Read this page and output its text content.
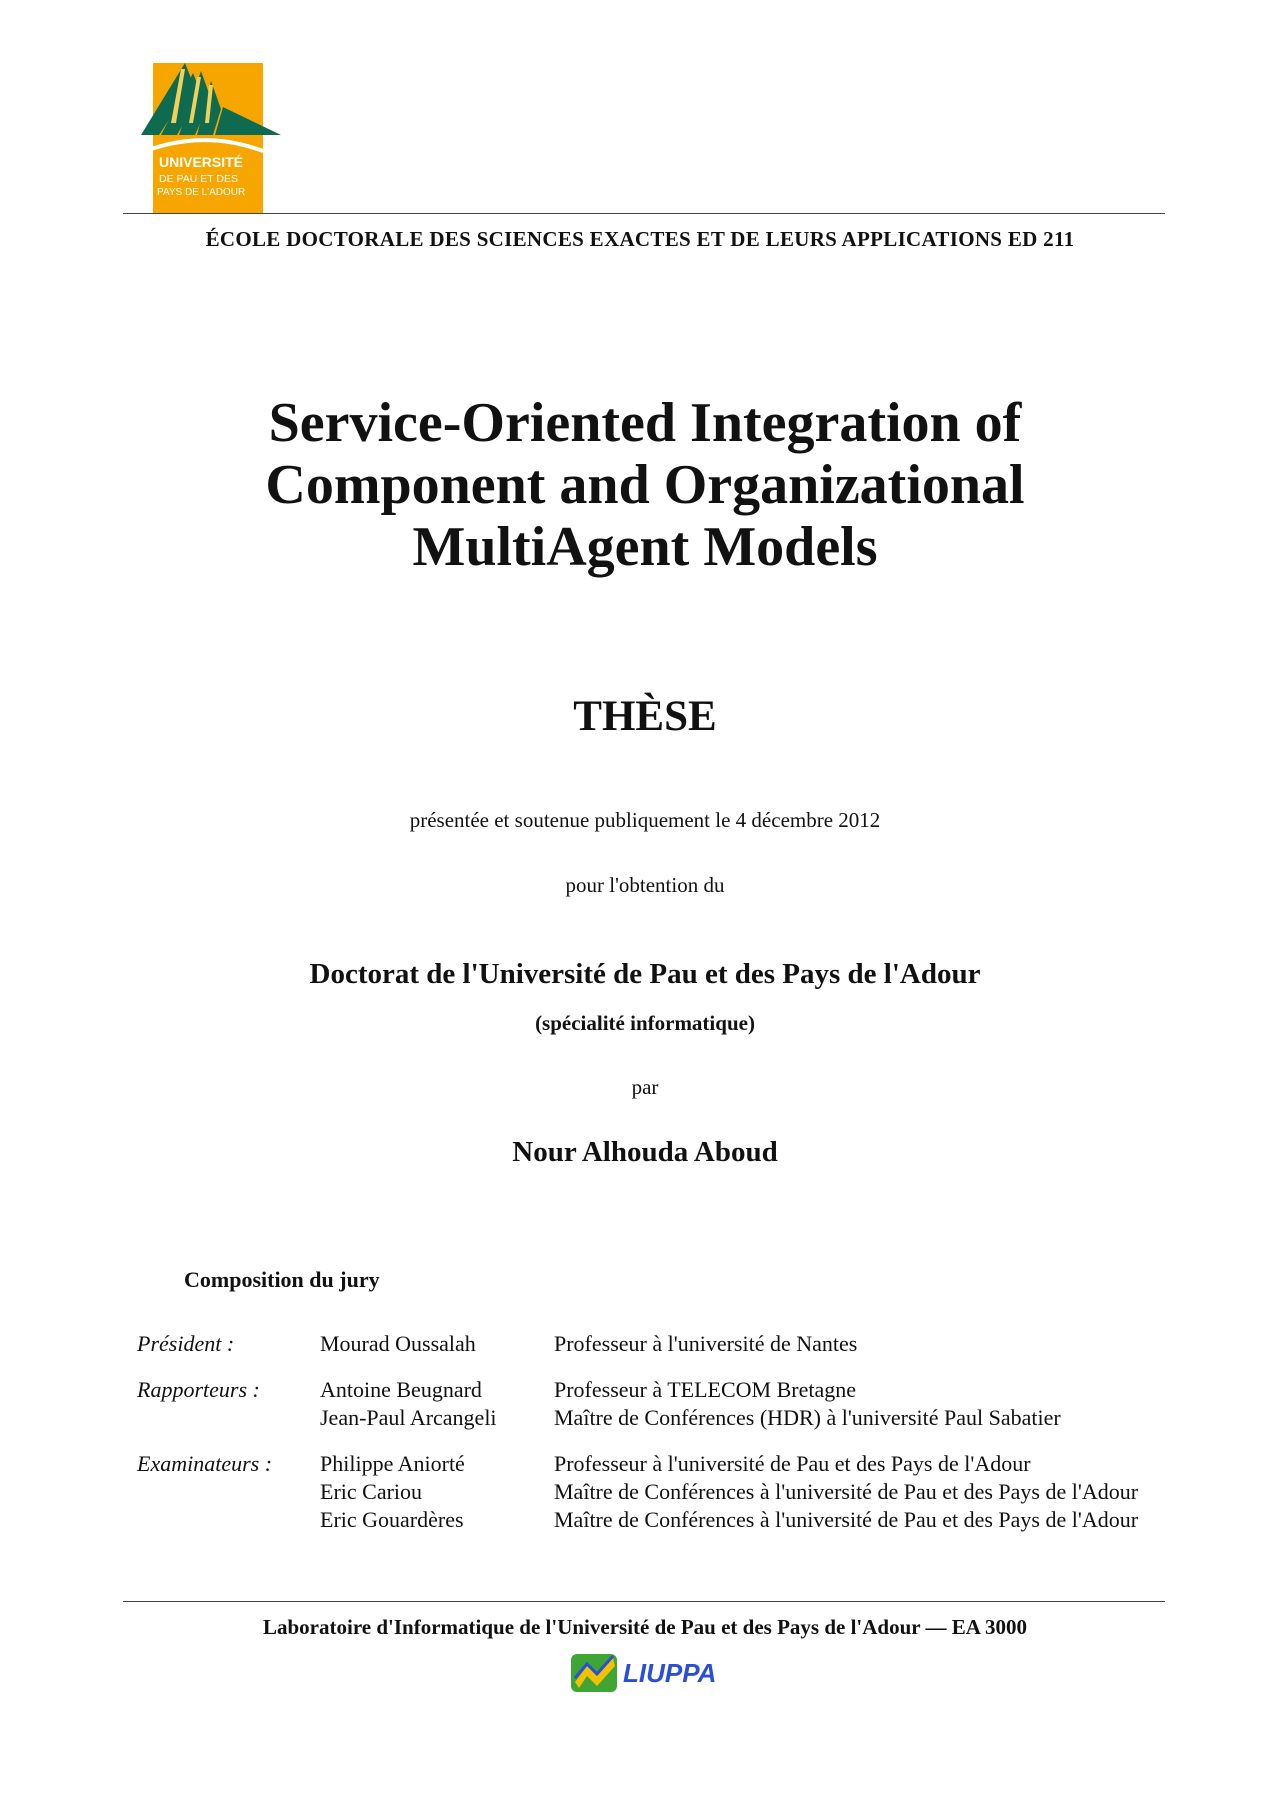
UNIVERSITÉ
DE PAU ET DES
PAYS DE L'ADOUR
ÉCOLE DOCTORALE DES SCIENCES EXACTES ET DE LEURS APPLICATIONS ED 211
Service-Oriented Integration of
Component and Organizational
MultiAgent Models
THÈSE
présentée et soutenue publiquement le 4 décembre 2012
pour l'obtention du
Doctorat de l'Université de Pau et des Pays de l'Adour
(spécialité informatique)
par
Nour Alhouda Aboud
Composition du jury
Président :	Mourad Oussalah	Professeur à l'université de Nantes
Rapporteurs :	Antoine Beugnard	Professeur à TELECOM Bretagne
Jean-Paul Arcangeli	Maître de Conférences (HDR) à l'université Paul Sabatier
Examinateurs :	Philippe Aniorté	Professeur à l'université de Pau et des Pays de l'Adour
Eric Cariou	Maître de Conférences à l'université de Pau et des Pays de l'Adour
Eric Gouardères	Maître de Conférences à l'université de Pau et des Pays de l'Adour
Laboratoire d'Informatique de l'Université de Pau et des Pays de l'Adour — EA 3000
LIUPPA
